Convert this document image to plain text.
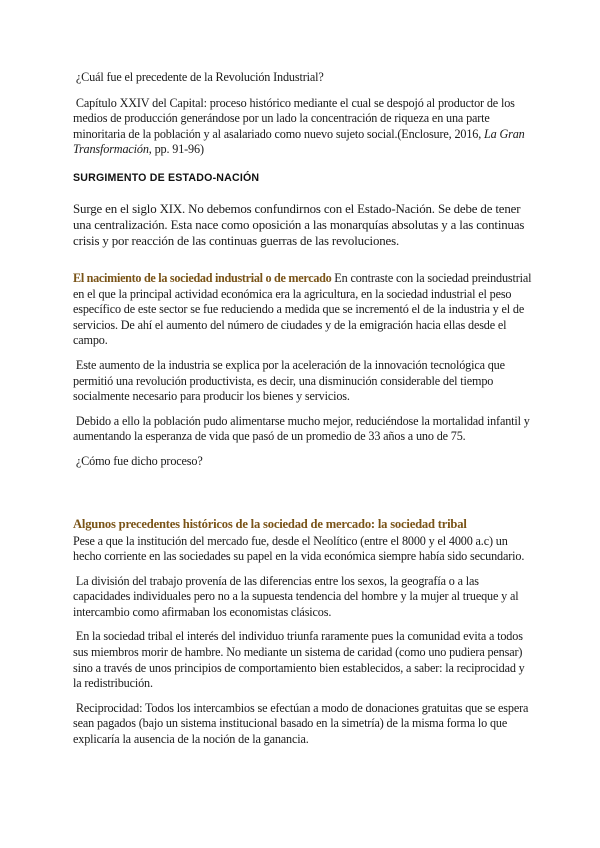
¿Cuál fue el precedente de la Revolución Industrial?

Capítulo XXIV del Capital: proceso histórico mediante el cual se despojó al productor de los medios de producción generándose por un lado la concentración de riqueza en una parte minoritaria de la población y al asalariado como nuevo sujeto social.(Enclosure, 2016, La Gran Transformación, pp. 91-96)

SURGIMENTO DE ESTADO-NACIÓN

Surge en el siglo XIX. No debemos confundirnos con el Estado-Nación. Se debe de tener una centralización. Esta nace como oposición a las monarquías absolutas y a las continuas crisis y por reacción de las continuas guerras de las revoluciones.

El nacimiento de la sociedad industrial o de mercado En contraste con la sociedad preindustrial en el que la principal actividad económica era la agricultura, en la sociedad industrial el peso específico de este sector se fue reduciendo a medida que se incrementó el de la industria y el de servicios. De ahí el aumento del número de ciudades y de la emigración hacia ellas desde el campo.

Este aumento de la industria se explica por la aceleración de la innovación tecnológica que permitió una revolución productivista, es decir, una disminución considerable del tiempo socialmente necesario para producir los bienes y servicios.

Debido a ello la población pudo alimentarse mucho mejor, reduciéndose la mortalidad infantil y aumentando la esperanza de vida que pasó de un promedio de 33 años a uno de 75.

¿Cómo fue dicho proceso?

Algunos precedentes históricos de la sociedad de mercado: la sociedad tribal

Pese a que la institución del mercado fue, desde el Neolítico (entre el 8000 y el 4000 a.c) un hecho corriente en las sociedades su papel en la vida económica siempre había sido secundario.

La división del trabajo provenía de las diferencias entre los sexos, la geografía o a las capacidades individuales pero no a la supuesta tendencia del hombre y la mujer al trueque y al intercambio como afirmaban los economistas clásicos.

En la sociedad tribal el interés del individuo triunfa raramente pues la comunidad evita a todos sus miembros morir de hambre. No mediante un sistema de caridad (como uno pudiera pensar) sino a través de unos principios de comportamiento bien establecidos, a saber: la reciprocidad y la redistribución.

Reciprocidad: Todos los intercambios se efectúan a modo de donaciones gratuitas que se espera sean pagados (bajo un sistema institucional basado en la simetría) de la misma forma lo que explicaría la ausencia de la noción de la ganancia.
